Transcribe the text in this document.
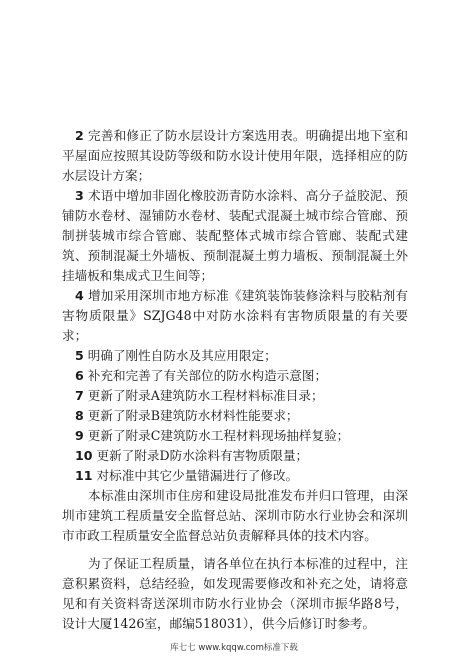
2 完善和修正了防水层设计方案选用表。明确提出地下室和平屋面应按照其设防等级和防水设计使用年限，选择相应的防水层设计方案；

3 术语中增加非固化橡胶沥青防水涂料、高分子益胶泥、预铺防水卷材、湿铺防水卷材、装配式混凝土城市综合管廊、预制拼装城市综合管廊、装配整体式城市综合管廊、装配式建筑、预制混凝土外墙板、预制混凝土剪力墙板、预制混凝土外挂墙板和集成式卫生间等；

4 增加采用深圳市地方标准《建筑装饰装修涂料与胶粘剂有害物质限量》SZJG48中对防水涂料有害物质限量的有关要求；

5 明确了刚性自防水及其应用限定；

6 补充和完善了有关部位的防水构造示意图；

7 更新了附录A建筑防水工程材料标准目录；

8 更新了附录B建筑防水材料性能要求；

9 更新了附录C建筑防水工程材料现场抽样复验；

10 更新了附录D防水涂料有害物质限量；

11 对标准中其它少量错漏进行了修改。

本标准由深圳市住房和建设局批准发布并归口管理，由深圳市建筑工程质量安全监督总站、深圳市防水行业协会和深圳市市政工程质量安全监督总站负责解释具体的技术内容。

为了保证工程质量，请各单位在执行本标准的过程中，注意积累资料，总结经验，如发现需要修改和补充之处，请将意见和有关资料寄送深圳市防水行业协会（深圳市振华路8号，设计大厦1426室，邮编518031），供今后修订时参考。

库七七 www.kqqw.com标准下载
